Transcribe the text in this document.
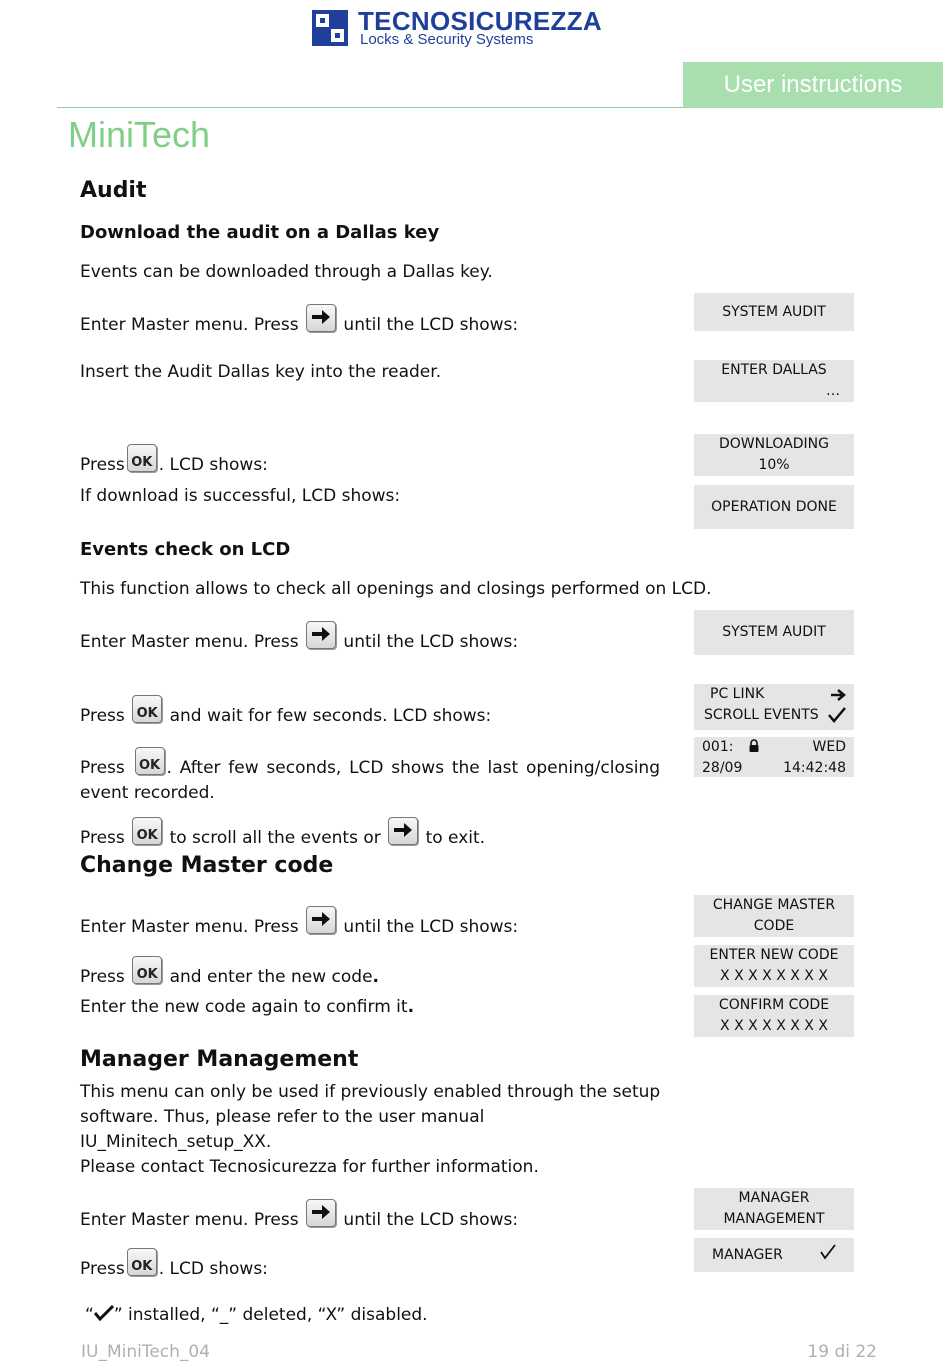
TECNOSICUREZZA
Locks & Security Systems
User instructions
MiniTech
Audit
Download the audit on a Dallas key
Events can be downloaded through a Dallas key.
Enter Master menu. Press	until the LCD shows:
Insert the Audit Dallas key into the reader.
Press OK . LCD shows:
If download is successful, LCD shows:
Events check on LCD
This function allows to check all openings and closings performed on LCD.
Enter Master menu. Press	until the LCD shows:
Press OK and wait for few seconds. LCD shows:
Press OK . After few seconds, LCD shows the last opening/closing event recorded.
Press OK to scroll all the events or	to exit.
Change Master code
Enter Master menu. Press	until the LCD shows:
Press OK and enter the new code.
Enter the new code again to confirm it.
Manager Management
This menu can only be used if previously enabled through the setup
software. Thus, please refer to the user manual
IU_Minitech_setup_XX.
Please contact Tecnosicurezza for further information.
Enter Master menu. Press	until the LCD shows:
Press OK . LCD shows:
“ ” installed, “_” deleted, “X” disabled.
SYSTEM AUDIT
ENTER DALLAS
…
DOWNLOADING
10%
OPERATION DONE
SYSTEM AUDIT
PC LINK
SCROLL EVENTS
001:	WED
28/09	14:42:48
CHANGE MASTER
CODE
ENTER NEW CODE
X X X X X X X X
CONFIRM CODE
X X X X X X X X
MANAGER
MANAGEMENT
MANAGER
IU_MiniTech_04	19 di 22
